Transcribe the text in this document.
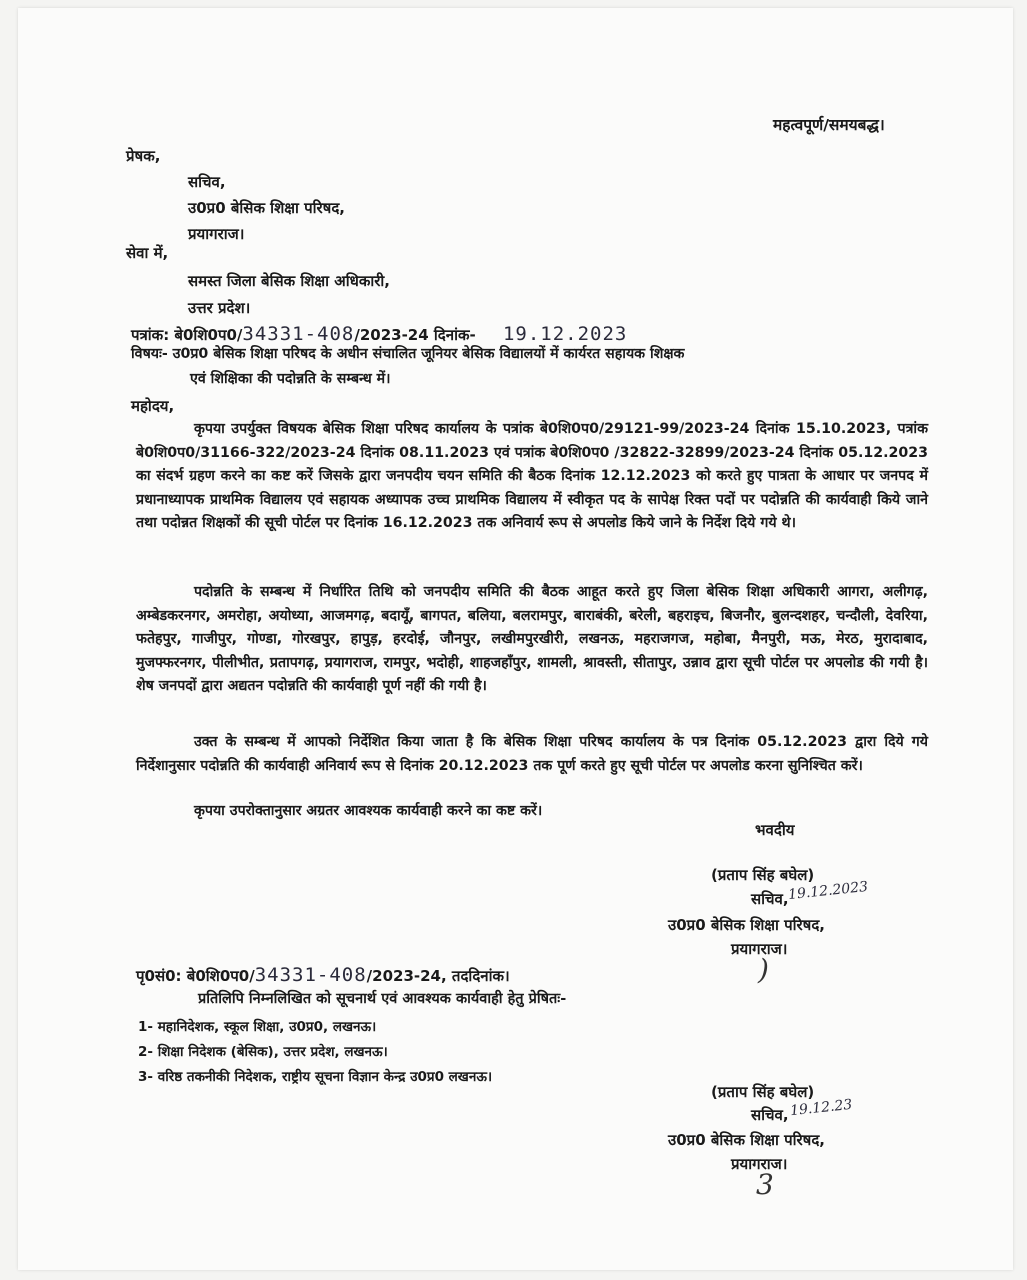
महत्वपूर्ण/समयबद्ध।
प्रेषक,
सचिव,
उ0प्र0 बेसिक शिक्षा परिषद,
प्रयागराज।
सेवा में,
समस्त जिला बेसिक शिक्षा अधिकारी,
उत्तर प्रदेश।
पत्रांक: बे0शि0प0/34331-408/2023-24 दिनांक- 19.12.2023
विषयः- उ0प्र0 बेसिक शिक्षा परिषद के अधीन संचालित जूनियर बेसिक विद्यालयों में कार्यरत सहायक शिक्षक
एवं शिक्षिका की पदोन्नति के सम्बन्ध में।
महोदय,
कृपया उपर्युक्त विषयक बेसिक शिक्षा परिषद कार्यालय के पत्रांक बे0शि0प0/29121-99/2023-24 दिनांक 15.10.2023, पत्रांक बे0शि0प0/31166-322/2023-24 दिनांक 08.11.2023 एवं पत्रांक बे0शि0प0 /32822-32899/2023-24 दिनांक 05.12.2023 का संदर्भ ग्रहण करने का कष्ट करें जिसके द्वारा जनपदीय चयन समिति की बैठक दिनांक 12.12.2023 को करते हुए पात्रता के आधार पर जनपद में प्रधानाध्यापक प्राथमिक विद्यालय एवं सहायक अध्यापक उच्च प्राथमिक विद्यालय में स्वीकृत पद के सापेक्ष रिक्त पदों पर पदोन्नति की कार्यवाही किये जाने तथा पदोन्नत शिक्षकों की सूची पोर्टल पर दिनांक 16.12.2023 तक अनिवार्य रूप से अपलोड किये जाने के निर्देश दिये गये थे।
पदोन्नति के सम्बन्ध में निर्धारित तिथि को जनपदीय समिति की बैठक आहूत करते हुए जिला बेसिक शिक्षा अधिकारी आगरा, अलीगढ़, अम्बेडकरनगर, अमरोहा, अयोध्या, आजमगढ़, बदायूँ, बागपत, बलिया, बलरामपुर, बाराबंकी, बरेली, बहराइच, बिजनौर, बुलन्दशहर, चन्दौली, देवरिया, फतेहपुर, गाजीपुर, गोण्डा, गोरखपुर, हापुड़, हरदोई, जौनपुर, लखीमपुरखीरी, लखनऊ, महराजगज, महोबा, मैनपुरी, मऊ, मेरठ, मुरादाबाद, मुजफ्फरनगर, पीलीभीत, प्रतापगढ़, प्रयागराज, रामपुर, भदोही, शाहजहाँपुर, शामली, श्रावस्ती, सीतापुर, उन्नाव द्वारा सूची पोर्टल पर अपलोड की गयी है। शेष जनपदों द्वारा अद्यतन पदोन्नति की कार्यवाही पूर्ण नहीं की गयी है।
उक्त के सम्बन्ध में आपको निर्देशित किया जाता है कि बेसिक शिक्षा परिषद कार्यालय के पत्र दिनांक 05.12.2023 द्वारा दिये गये निर्देशानुसार पदोन्नति की कार्यवाही अनिवार्य रूप से दिनांक 20.12.2023 तक पूर्ण करते हुए सूची पोर्टल पर अपलोड करना सुनिश्चित करें।
कृपया उपरोक्तानुसार अग्रतर आवश्यक कार्यवाही करने का कष्ट करें।
भवदीय
(प्रताप सिंह बघेल)
19.12.2023
सचिव,
उ0प्र0 बेसिक शिक्षा परिषद,
प्रयागराज।
पृ0सं0: बे0शि0प0/34331-408/2023-24, तददिनांक।	)
प्रतिलिपि निम्नलिखित को सूचनार्थ एवं आवश्यक कार्यवाही हेतु प्रेषितः-
1- महानिदेशक, स्कूल शिक्षा, उ0प्र0, लखनऊ।
2- शिक्षा निदेशक (बेसिक), उत्तर प्रदेश, लखनऊ।
3- वरिष्ठ तकनीकी निदेशक, राष्ट्रीय सूचना विज्ञान केन्द्र उ0प्र0 लखनऊ।
(प्रताप सिंह बघेल)
19.12.23
सचिव,
उ0प्र0 बेसिक शिक्षा परिषद,
प्रयागराज।
3
